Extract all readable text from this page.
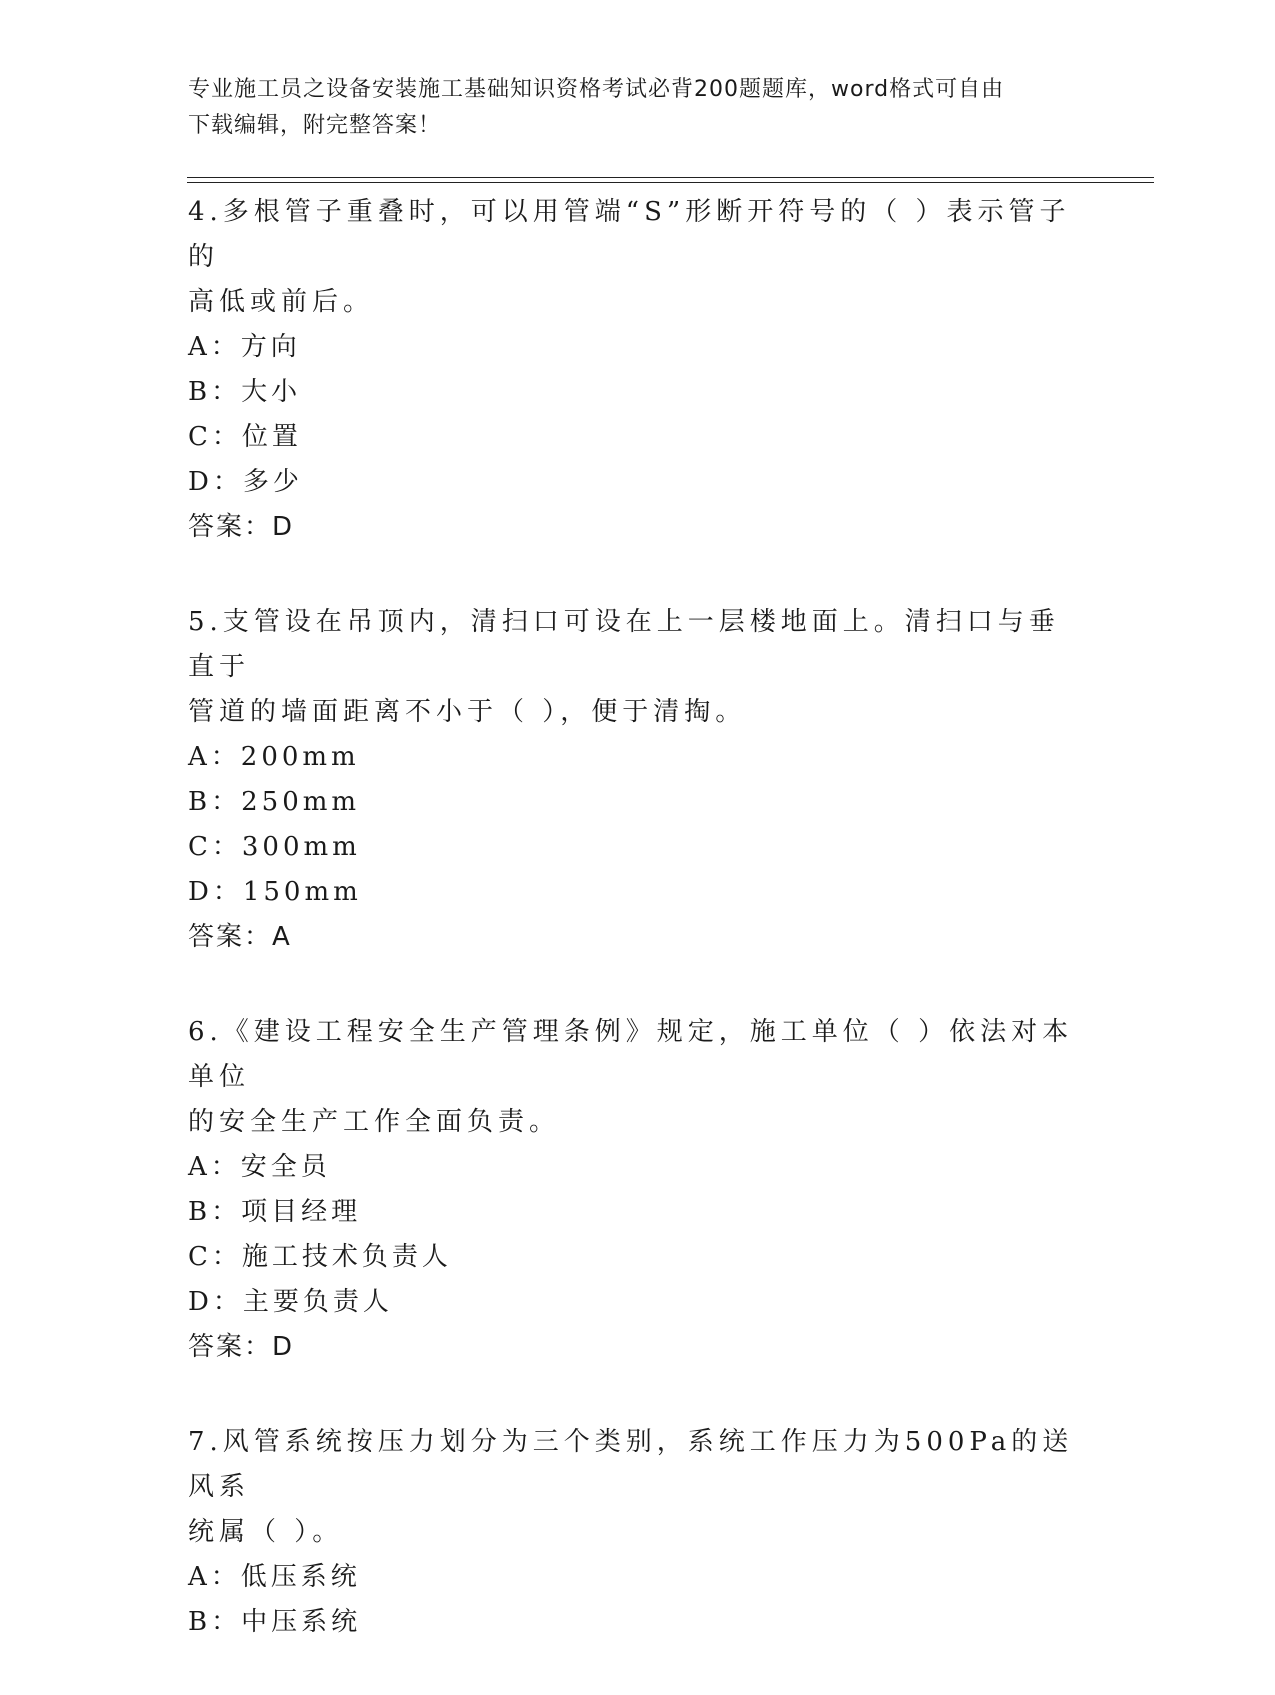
专业施工员之设备安装施工基础知识资格考试必背200题题库，word格式可自由
下载编辑，附完整答案！
4.多根管子重叠时，可以用管端“S”形断开符号的（ ）表示管子的
高低或前后。
A：方向
B：大小
C：位置
D：多少
答案：D
5.支管设在吊顶内，清扫口可设在上一层楼地面上。清扫口与垂直于
管道的墙面距离不小于（ ），便于清掏。
A：200mm
B：250mm
C：300mm
D：150mm
答案：A
6.《建设工程安全生产管理条例》规定，施工单位（ ）依法对本单位
的安全生产工作全面负责。
A：安全员
B：项目经理
C：施工技术负责人
D：主要负责人
答案：D
7.风管系统按压力划分为三个类别，系统工作压力为500Pa的送风系
统属（ ）。
A：低压系统
B：中压系统
